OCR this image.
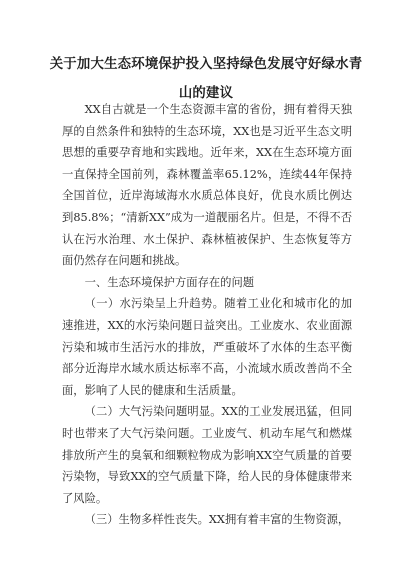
关于加大生态环境保护投入坚持绿色发展守好绿水青山的建议

XX自古就是一个生态资源丰富的省份，拥有着得天独厚的自然条件和独特的生态环境，XX也是习近平生态文明思想的重要孕育地和实践地。近年来，XX在生态环境方面一直保持全国前列，森林覆盖率65.12%，连续44年保持全国首位，近岸海域海水水质总体良好，优良水质比例达到85.8%；“清新XX”成为一道靓丽名片。但是，不得不否认在污水治理、水土保护、森林植被保护、生态恢复等方面仍然存在问题和挑战。

一、生态环境保护方面存在的问题

（一）水污染呈上升趋势。随着工业化和城市化的加速推进，XX的水污染问题日益突出。工业废水、农业面源污染和城市生活污水的排放，严重破坏了水体的生态平衡部分近海岸水域水质达标率不高，小流域水质改善尚不全面，影响了人民的健康和生活质量。

（二）大气污染问题明显。XX的工业发展迅猛，但同时也带来了大气污染问题。工业废气、机动车尾气和燃煤排放所产生的臭氧和细颗粒物成为影响XX空气质量的首要污染物，导致XX的空气质量下降，给人民的身体健康带来了风险。

（三）生物多样性丧失。XX拥有着丰富的生物资源，
